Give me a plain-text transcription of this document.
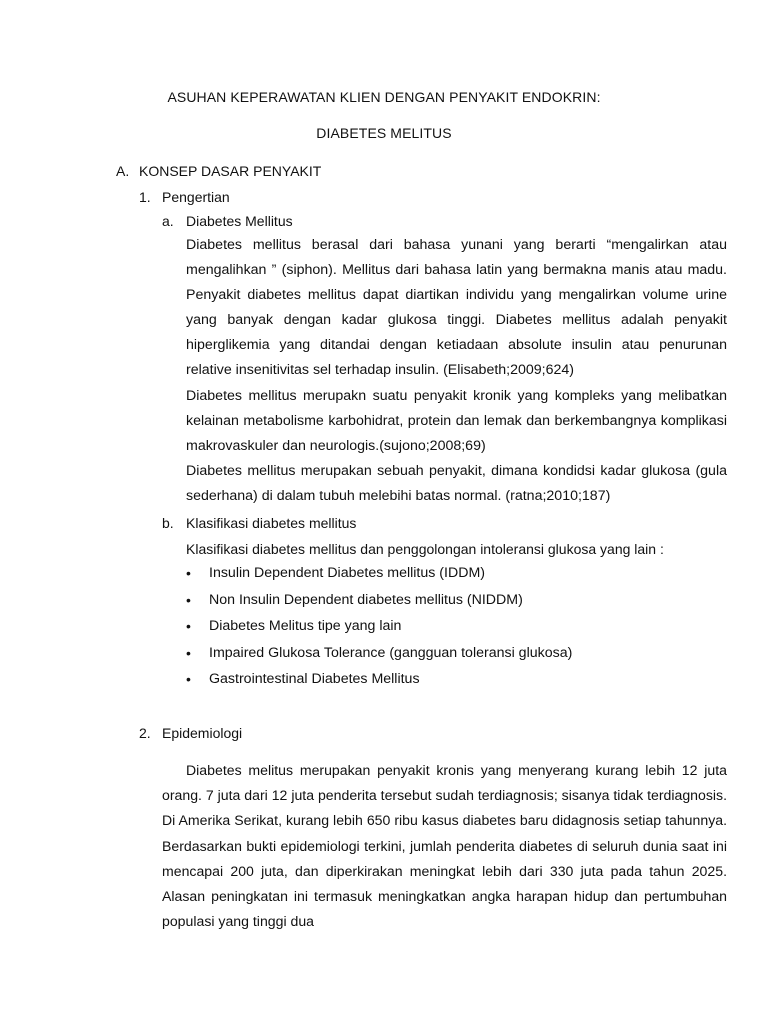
ASUHAN KEPERAWATAN KLIEN DENGAN PENYAKIT ENDOKRIN:
DIABETES MELITUS
A. KONSEP DASAR PENYAKIT
1. Pengertian
a. Diabetes Mellitus

Diabetes mellitus berasal dari bahasa yunani yang berarti “mengalirkan atau mengalihkan ” (siphon). Mellitus dari bahasa latin yang bermakna manis atau madu. Penyakit diabetes mellitus dapat diartikan individu yang mengalirkan volume urine yang banyak dengan kadar glukosa tinggi. Diabetes mellitus adalah penyakit hiperglikemia yang ditandai dengan ketiadaan absolute insulin atau penurunan relative insenitivitas sel terhadap insulin. (Elisabeth;2009;624)

Diabetes mellitus merupakn suatu penyakit kronik yang kompleks yang melibatkan kelainan metabolisme karbohidrat, protein dan lemak dan berkembangnya komplikasi makrovaskuler dan neurologis.(sujono;2008;69)

Diabetes mellitus merupakan sebuah penyakit, dimana kondidsi kadar glukosa (gula sederhana) di dalam tubuh melebihi batas normal. (ratna;2010;187)

b. Klasifikasi diabetes mellitus
Klasifikasi diabetes mellitus dan penggolongan intoleransi glukosa yang lain :
• Insulin Dependent Diabetes mellitus (IDDM)
• Non Insulin Dependent diabetes mellitus (NIDDM)
• Diabetes Melitus tipe yang lain
• Impaired Glukosa Tolerance (gangguan toleransi glukosa)
• Gastrointestinal Diabetes Mellitus
2. Epidemiologi

Diabetes melitus merupakan penyakit kronis yang menyerang kurang lebih 12 juta orang. 7 juta dari 12 juta penderita tersebut sudah terdiagnosis; sisanya tidak terdiagnosis. Di Amerika Serikat, kurang lebih 650 ribu kasus diabetes baru didagnosis setiap tahunnya. Berdasarkan bukti epidemiologi terkini, jumlah penderita diabetes di seluruh dunia saat ini mencapai 200 juta, dan diperkirakan meningkat lebih dari 330 juta pada tahun 2025. Alasan peningkatan ini termasuk meningkatkan angka harapan hidup dan pertumbuhan populasi yang tinggi dua
